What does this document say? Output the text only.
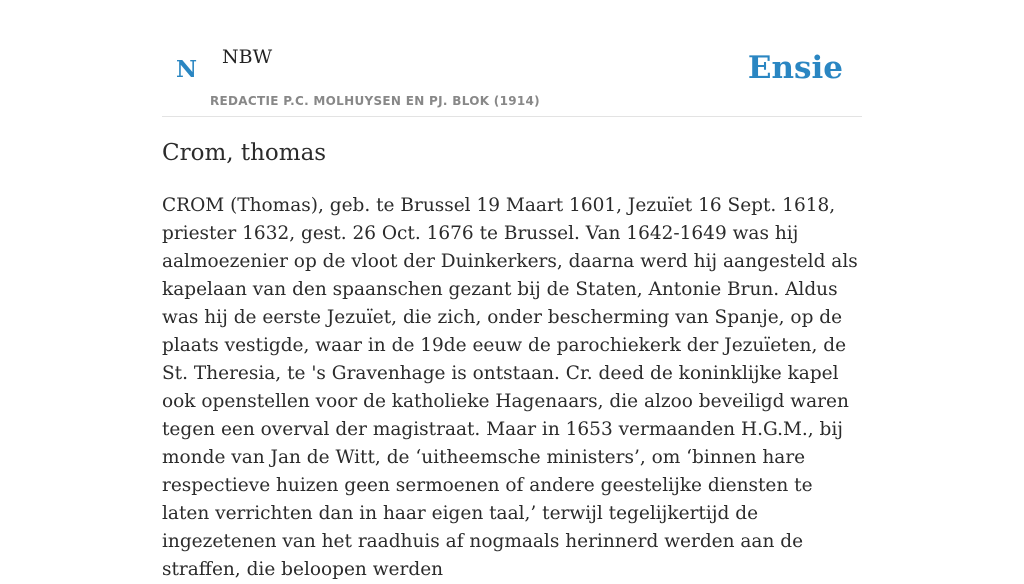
N NBW
REDACTIE P.C. MOLHUYSEN EN PJ. BLOK (1914)
Ensie
Crom, thomas

CROM (Thomas), geb. te Brussel 19 Maart 1601, Jezuïet 16 Sept. 1618, priester 1632, gest. 26 Oct. 1676 te Brussel. Van 1642-1649 was hij aalmoezenier op de vloot der Duinkerkers, daarna werd hij aangesteld als kapelaan van den spaanschen gezant bij de Staten, Antonie Brun. Aldus was hij de eerste Jezuïet, die zich, onder bescherming van Spanje, op de plaats vestigde, waar in de 19de eeuw de parochiekerk der Jezuïeten, de St. Theresia, te 's Gravenhage is ontstaan. Cr. deed de koninklijke kapel ook openstellen voor de katholieke Hagenaars, die alzoo beveiligd waren tegen een overval der magistraat. Maar in 1653 vermaanden H.G.M., bij monde van Jan de Witt, de ‘uitheemsche ministers’, om ‘binnen hare respectieve huizen geen sermoenen of andere geestelijke diensten te laten verrichten dan in haar eigen taal,’ terwijl tegelijkertijd de ingezetenen van het raadhuis af nogmaals herinnerd werden aan de straffen, die beloopen werden
